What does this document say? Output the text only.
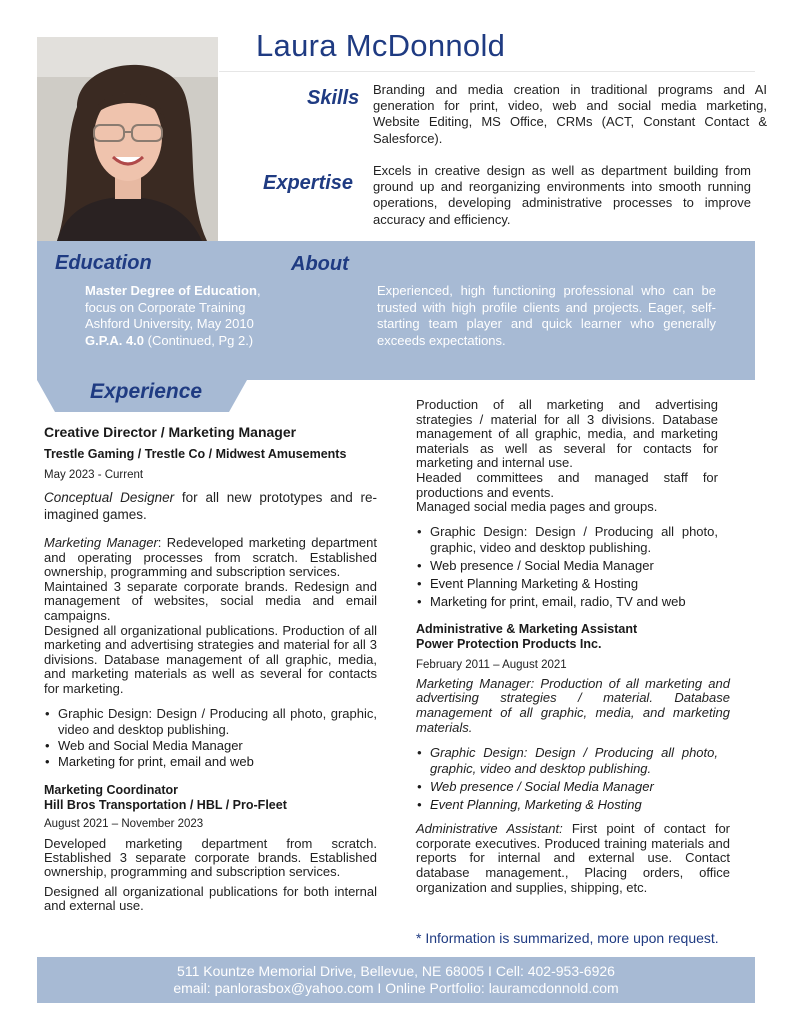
Laura McDonnold
Skills Branding and media creation in traditional programs and AI generation for print, video, web and social media marketing, Website Editing, MS Office, CRMs (ACT, Constant Contact & Salesforce).
Expertise
Excels in creative design as well as department building from ground up and reorganizing environments into smooth running operations, developing administrative processes to improve accuracy and efficiency.
Education	About
Master Degree of Education,
focus on Corporate Training
Ashford University, May 2010
G.P.A. 4.0 (Continued, Pg 2.)
Experienced, high functioning professional who can be trusted with high profile clients and projects. Eager, self-starting team player and quick learner who generally exceeds expectations.
Experience

Creative Director / Marketing Manager

Trestle Gaming / Trestle Co / Midwest Amusements

May 2023 - Current

Conceptual Designer for all new prototypes and re-imagined games.
Marketing Manager: Redeveloped marketing department and operating processes from scratch. Established ownership, programming and subscription services.
Maintained 3 separate corporate brands. Redesign and management of websites, social media and email campaigns.
Designed all organizational publications. Production of all marketing and advertising strategies and material for all 3 divisions. Database management of all graphic, media, and marketing materials as well as several for contacts for marketing.
• Graphic Design: Design / Producing all photo, graphic, video and desktop publishing.
• Web and Social Media Manager
• Marketing for print, email and web

Marketing Coordinator

Hill Bros Transportation / HBL / Pro-Fleet

August 2021 – November 2023

Developed marketing department from scratch. Established 3 separate corporate brands. Established ownership, programming and subscription services.
Designed all organizational publications for both internal and external use.
Production of all marketing and advertising strategies / material for all 3 divisions. Database management of all graphic, media, and marketing materials as well as several for contacts for marketing and internal use.
Headed committees and managed staff for productions and events.
Managed social media pages and groups.
• Graphic Design: Design / Producing all photo, graphic, video and desktop publishing.
• Web presence / Social Media Manager
• Event Planning Marketing & Hosting
• Marketing for print, email, radio, TV and web

Administrative & Marketing Assistant

Power Protection Products Inc.

February 2011 – August 2021

Marketing Manager: Production of all marketing and advertising strategies / material. Database management of all graphic, media, and marketing materials.
• Graphic Design: Design / Producing all photo, graphic, video and desktop publishing.
• Web presence / Social Media Manager
• Event Planning, Marketing & Hosting
Administrative Assistant: First point of contact for corporate executives. Produced training materials and reports for internal and external use. Contact database management., Placing orders, office organization and supplies, shipping, etc.
* Information is summarized, more upon request.
511 Kountze Memorial Drive, Bellevue, NE 68005 I Cell: 402-953-6926
email: panlorasbox@yahoo.com I Online Portfolio: lauramcdonnold.com
